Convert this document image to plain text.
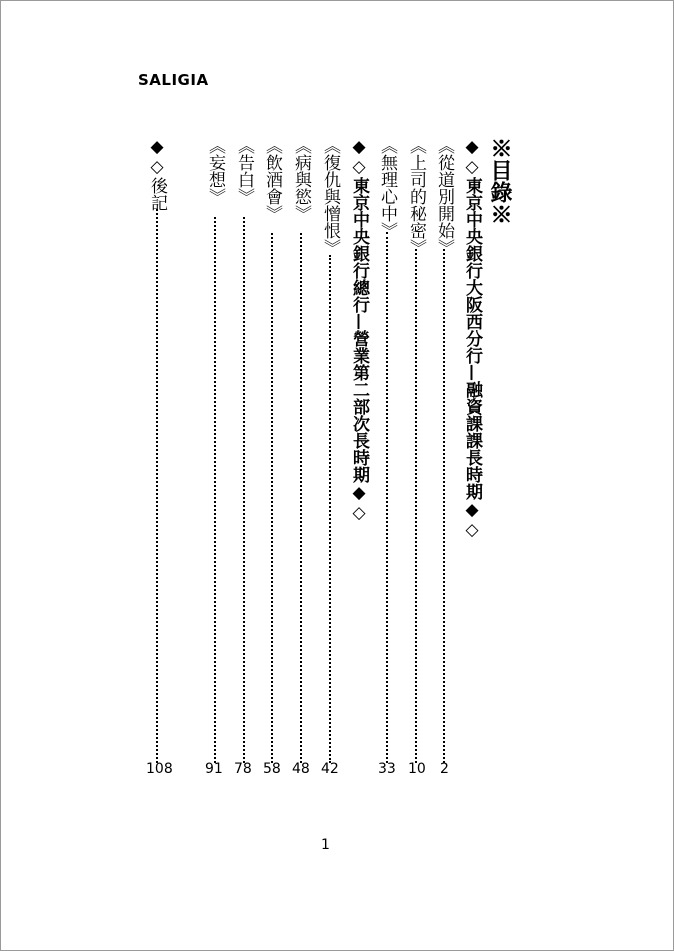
SALIGIA
※目錄※
◆◇東京中央銀行大阪西分行—融資課課長時期◆◇
《從道別開始》
《上司的秘密》
《無理心中》
◆◇東京中央銀行總行—營業第二部次長時期◆◇
《復仇與憎恨》
《病與慾》
《飲酒會》
《告白》
《妄想》
◆◇後記
2
10
33
42
48
58
78
91
108
1
